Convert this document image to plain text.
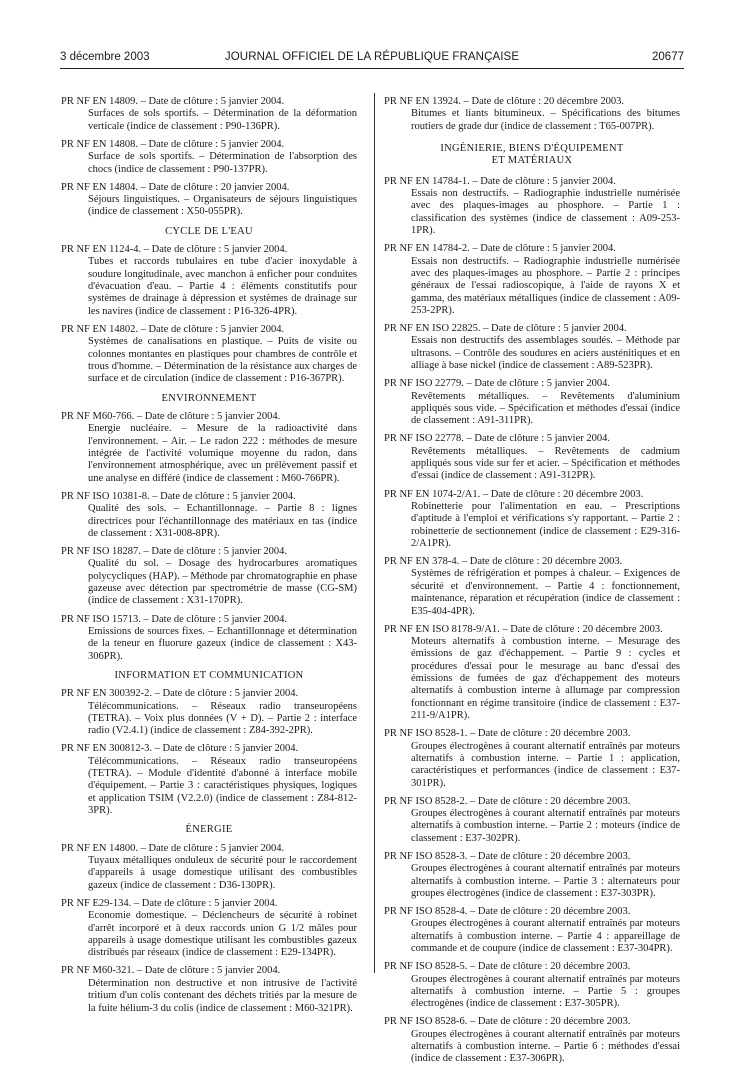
3 décembre 2003	JOURNAL OFFICIEL DE LA RÉPUBLIQUE FRANÇAISE	20677
PR NF EN 14809. – Date de clôture : 5 janvier 2004.
Surfaces de sols sportifs. – Détermination de la déformation verticale (indice de classement : P90-136PR).
PR NF EN 14808. – Date de clôture : 5 janvier 2004.
Surface de sols sportifs. – Détermination de l'absorption des chocs (indice de classement : P90-137PR).
PR NF EN 14804. – Date de clôture : 20 janvier 2004.
Séjours linguistiques. – Organisateurs de séjours linguistiques (indice de classement : X50-055PR).
CYCLE DE L'EAU
PR NF EN 1124-4. – Date de clôture : 5 janvier 2004.
Tubes et raccords tubulaires en tube d'acier inoxydable à soudure longitudinale, avec manchon à enficher pour conduites d'évacuation d'eau. – Partie 4 : éléments constitutifs pour systèmes de drainage à dépression et systèmes de drainage sur les navires (indice de classement : P16-326-4PR).
PR NF EN 14802. – Date de clôture : 5 janvier 2004.
Systèmes de canalisations en plastique. – Puits de visite ou colonnes montantes en plastiques pour chambres de contrôle et trous d'homme. – Détermination de la résistance aux charges de surface et de circulation (indice de classement : P16-367PR).
ENVIRONNEMENT
PR NF M60-766. – Date de clôture : 5 janvier 2004.
Energie nucléaire. – Mesure de la radioactivité dans l'environnement. – Air. – Le radon 222 : méthodes de mesure intégrée de l'activité volumique moyenne du radon, dans l'environnement atmosphérique, avec un prélèvement passif et une analyse en différé (indice de classement : M60-766PR).
PR NF ISO 10381-8. – Date de clôture : 5 janvier 2004.
Qualité des sols. – Echantillonnage. – Partie 8 : lignes directrices pour l'échantillonnage des matériaux en tas (indice de classement : X31-008-8PR).
PR NF ISO 18287. – Date de clôture : 5 janvier 2004.
Qualité du sol. – Dosage des hydrocarbures aromatiques polycycliques (HAP). – Méthode par chromatographie en phase gazeuse avec détection par spectrométrie de masse (CG-SM) (indice de classement : X31-170PR).
PR NF ISO 15713. – Date de clôture : 5 janvier 2004.
Emissions de sources fixes. – Echantillonnage et détermination de la teneur en fluorure gazeux (indice de classement : X43-306PR).
INFORMATION ET COMMUNICATION
PR NF EN 300392-2. – Date de clôture : 5 janvier 2004.
Télécommunications. – Réseaux radio transeuropéens (TETRA). – Voix plus données (V + D). – Partie 2 : interface radio (V2.4.1) (indice de classement : Z84-392-2PR).
PR NF EN 300812-3. – Date de clôture : 5 janvier 2004.
Télécommunications. – Réseaux radio transeuropéens (TETRA). – Module d'identité d'abonné à interface mobile d'équipement. – Partie 3 : caractéristiques physiques, logiques et application TSIM (V2.2.0) (indice de classement : Z84-812-3PR).
ÉNERGIE
PR NF EN 14800. – Date de clôture : 5 janvier 2004.
Tuyaux métalliques onduleux de sécurité pour le raccordement d'appareils à usage domestique utilisant des combustibles gazeux (indice de classement : D36-130PR).
PR NF E29-134. – Date de clôture : 5 janvier 2004.
Economie domestique. – Déclencheurs de sécurité à robinet d'arrêt incorporé et à deux raccords union G 1/2 mâles pour appareils à usage domestique utilisant les combustibles gazeux distribués par réseaux (indice de classement : E29-134PR).
PR NF M60-321. – Date de clôture : 5 janvier 2004.
Détermination non destructive et non intrusive de l'activité tritium d'un colis contenant des déchets tritiés par la mesure de la fuite hélium-3 du colis (indice de classement : M60-321PR).
PR NF EN 13924. – Date de clôture : 20 décembre 2003.
Bitumes et liants bitumineux. – Spécifications des bitumes routiers de grade dur (indice de classement : T65-007PR).
INGÉNIERIE, BIENS D'ÉQUIPEMENT
ET MATÉRIAUX
PR NF EN 14784-1. – Date de clôture : 5 janvier 2004.
Essais non destructifs. – Radiographie industrielle numérisée avec des plaques-images au phosphore. – Partie 1 : classification des systèmes (indice de classement : A09-253-1PR).
PR NF EN 14784-2. – Date de clôture : 5 janvier 2004.
Essais non destructifs. – Radiographie industrielle numérisée avec des plaques-images au phosphore. – Partie 2 : principes généraux de l'essai radioscopique, à l'aide de rayons X et gamma, des matériaux métalliques (indice de classement : A09-253-2PR).
PR NF EN ISO 22825. – Date de clôture : 5 janvier 2004.
Essais non destructifs des assemblages soudés. – Méthode par ultrasons. – Contrôle des soudures en aciers austénitiques et en alliage à base nickel (indice de classement : A89-523PR).
PR NF ISO 22779. – Date de clôture : 5 janvier 2004.
Revêtements métalliques. – Revêtements d'aluminium appliqués sous vide. – Spécification et méthodes d'essai (indice de classement : A91-311PR).
PR NF ISO 22778. – Date de clôture : 5 janvier 2004.
Revêtements métalliques. – Revêtements de cadmium appliqués sous vide sur fer et acier. – Spécification et méthodes d'essai (indice de classement : A91-312PR).
PR NF EN 1074-2/A1. – Date de clôture : 20 décembre 2003.
Robinetterie pour l'alimentation en eau. – Prescriptions d'aptitude à l'emploi et vérifications s'y rapportant. – Partie 2 : robinetterie de sectionnement (indice de classement : E29-316-2/A1PR).
PR NF EN 378-4. – Date de clôture : 20 décembre 2003.
Systèmes de réfrigération et pompes à chaleur. – Exigences de sécurité et d'environnement. – Partie 4 : fonctionnement, maintenance, réparation et récupération (indice de classement : E35-404-4PR).
PR NF EN ISO 8178-9/A1. – Date de clôture : 20 décembre 2003.
Moteurs alternatifs à combustion interne. – Mesurage des émissions de gaz d'échappement. – Partie 9 : cycles et procédures d'essai pour le mesurage au banc d'essai des émissions de fumées de gaz d'échappement des moteurs alternatifs à combustion interne à allumage par compression fonctionnant en régime transitoire (indice de classement : E37-211-9/A1PR).
PR NF ISO 8528-1. – Date de clôture : 20 décembre 2003.
Groupes électrogènes à courant alternatif entraînés par moteurs alternatifs à combustion interne. – Partie 1 : application, caractéristiques et performances (indice de classement : E37-301PR).
PR NF ISO 8528-2. – Date de clôture : 20 décembre 2003.
Groupes électrogènes à courant alternatif entraînés par moteurs alternatifs à combustion interne. – Partie 2 : moteurs (indice de classement : E37-302PR).
PR NF ISO 8528-3. – Date de clôture : 20 décembre 2003.
Groupes électrogènes à courant alternatif entraînés par moteurs alternatifs à combustion interne. – Partie 3 : alternateurs pour groupes électrogènes (indice de classement : E37-303PR).
PR NF ISO 8528-4. – Date de clôture : 20 décembre 2003.
Groupes électrogènes à courant alternatif entraînés par moteurs alternatifs à combustion interne. – Partie 4 : appareillage de commande et de coupure (indice de classement : E37-304PR).
PR NF ISO 8528-5. – Date de clôture : 20 décembre 2003.
Groupes électrogènes à courant alternatif entraînés par moteurs alternatifs à combustion interne. – Partie 5 : groupes électrogènes (indice de classement : E37-305PR).
PR NF ISO 8528-6. – Date de clôture : 20 décembre 2003.
Groupes électrogènes à courant alternatif entraînés par moteurs alternatifs à combustion interne. – Partie 6 : méthodes d'essai (indice de classement : E37-306PR).
